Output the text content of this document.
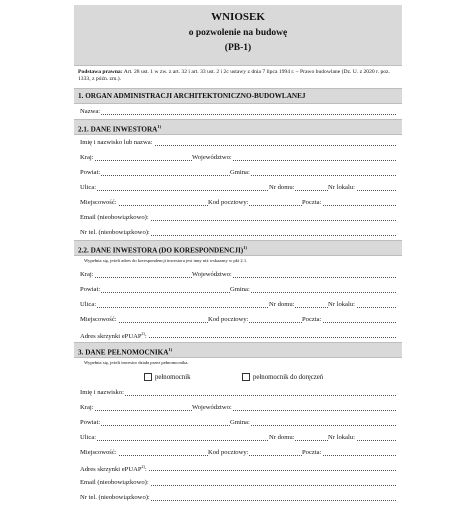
WNIOSEK
o pozwolenie na budowę
(PB-1)
Podstawa prawna: Art. 28 ust. 1 w zw. z art. 32 i art. 33 ust. 2 i 2c ustawy z dnia 7 lipca 1994 r. – Prawo budowlane (Dz. U. z 2020 r. poz. 1333, z późn. zm.).
1. ORGAN ADMINISTRACJI ARCHITEKTONICZNO-BUDOWLANEJ
Nazwa:
2.1. DANE INWESTORA$^{1)}$
Imię i nazwisko lub nazwa:
Kraj:	Województwo:
Powiat:	Gmina:
Ulica:	Nr domu:	Nr lokalu:
Miejscowość:	Kod pocztowy:	Poczta:
Email (nieobowiązkowo):
Nr tel. (nieobowiązkowo):
2.2. DANE INWESTORA (DO KORESPONDENCJI)$^{1)}$
Wypełnia się, jeżeli adres do korespondencji inwestora jest inny niż wskazany w pkt 2.1.
Kraj:	Województwo:
Powiat:	Gmina:
Ulica:	Nr domu:	Nr lokalu:
Miejscowość:	Kod pocztowy:	Poczta:
Adres skrzynki ePUAP$^{2)}$:
3. DANE PEŁNOMOCNIKA$^{1)}$
Wypełnia się, jeżeli inwestor działa przez pełnomocnika.
pełnomocnik	pełnomocnik do doręczeń
Imię i nazwisko:
Kraj:	Województwo:
Powiat:	Gmina:
Ulica:	Nr domu:	Nr lokalu:
Miejscowość:	Kod pocztowy:	Poczta:
Adres skrzynki ePUAP$^{2)}$:
Email (nieobowiązkowo):
Nr tel. (nieobowiązkowo):
